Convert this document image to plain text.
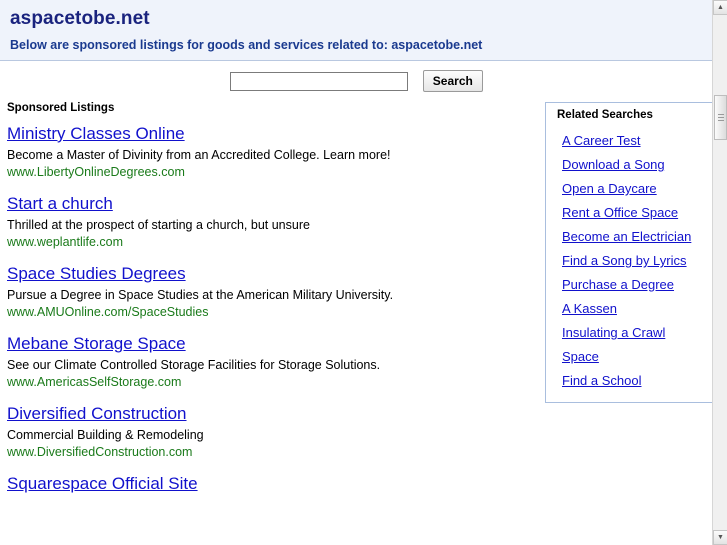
aspacetobe.net
Below are sponsored listings for goods and services related to: aspacetobe.net
Search
Sponsored Listings
Ministry Classes Online
Become a Master of Divinity from an Accredited College. Learn more!
www.LibertyOnlineDegrees.com
Start a church
Thrilled at the prospect of starting a church, but unsure
www.weplantlife.com
Space Studies Degrees
Pursue a Degree in Space Studies at the American Military University.
www.AMUOnline.com/SpaceStudies
Mebane Storage Space
See our Climate Controlled Storage Facilities for Storage Solutions.
www.AmericasSelfStorage.com
Diversified Construction
Commercial Building & Remodeling
www.DiversifiedConstruction.com
Squarespace Official Site
Related Searches
A Career Test
Download a Song
Open a Daycare
Rent a Office Space
Become an Electrician
Find a Song by Lyrics
Purchase a Degree
A Kassen
Insulating a Crawl Space
Find a School
▲
▼
